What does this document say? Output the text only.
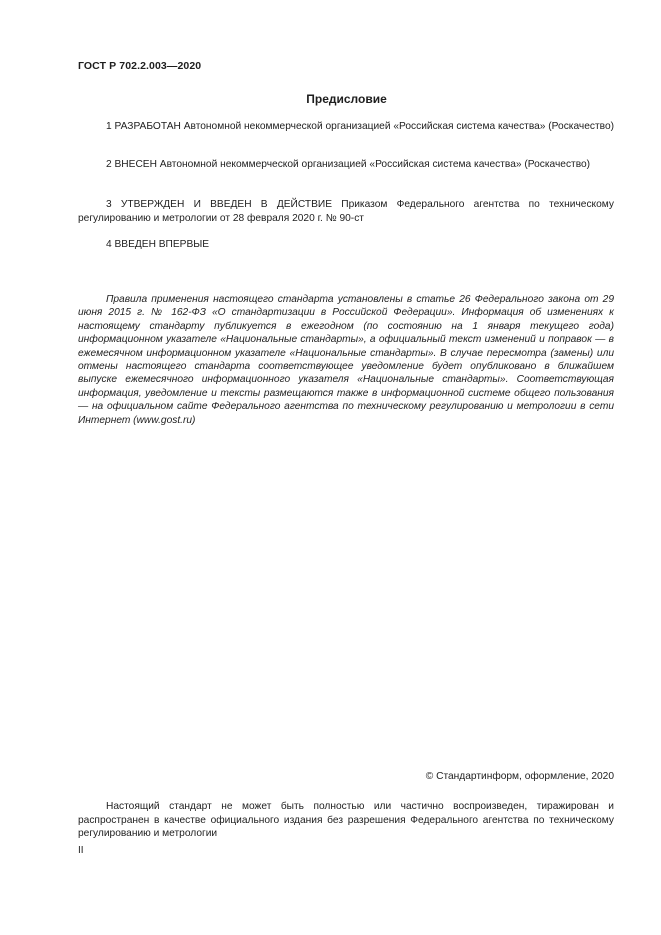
ГОСТ Р 702.2.003—2020
Предисловие
1 РАЗРАБОТАН Автономной некоммерческой организацией «Российская система качества» (Роскачество)
2 ВНЕСЕН Автономной некоммерческой организацией «Российская система качества» (Роскачество)
3 УТВЕРЖДЕН И ВВЕДЕН В ДЕЙСТВИЕ Приказом Федерального агентства по техническому регулированию и метрологии от 28 февраля 2020 г. № 90-ст
4 ВВЕДЕН ВПЕРВЫЕ
Правила применения настоящего стандарта установлены в статье 26 Федерального закона от 29 июня 2015 г. № 162-ФЗ «О стандартизации в Российской Федерации». Информация об изменениях к настоящему стандарту публикуется в ежегодном (по состоянию на 1 января текущего года) информационном указателе «Национальные стандарты», а официальный текст изменений и поправок — в ежемесячном информационном указателе «Национальные стандарты». В случае пересмотра (замены) или отмены настоящего стандарта соответствующее уведомление будет опубликовано в ближайшем выпуске ежемесячного информационного указателя «Национальные стандарты». Соответствующая информация, уведомление и тексты размещаются также в информационной системе общего пользования — на официальном сайте Федерального агентства по техническому регулированию и метрологии в сети Интернет (www.gost.ru)
© Стандартинформ, оформление, 2020
Настоящий стандарт не может быть полностью или частично воспроизведен, тиражирован и распространен в качестве официального издания без разрешения Федерального агентства по техническому регулированию и метрологии
II
